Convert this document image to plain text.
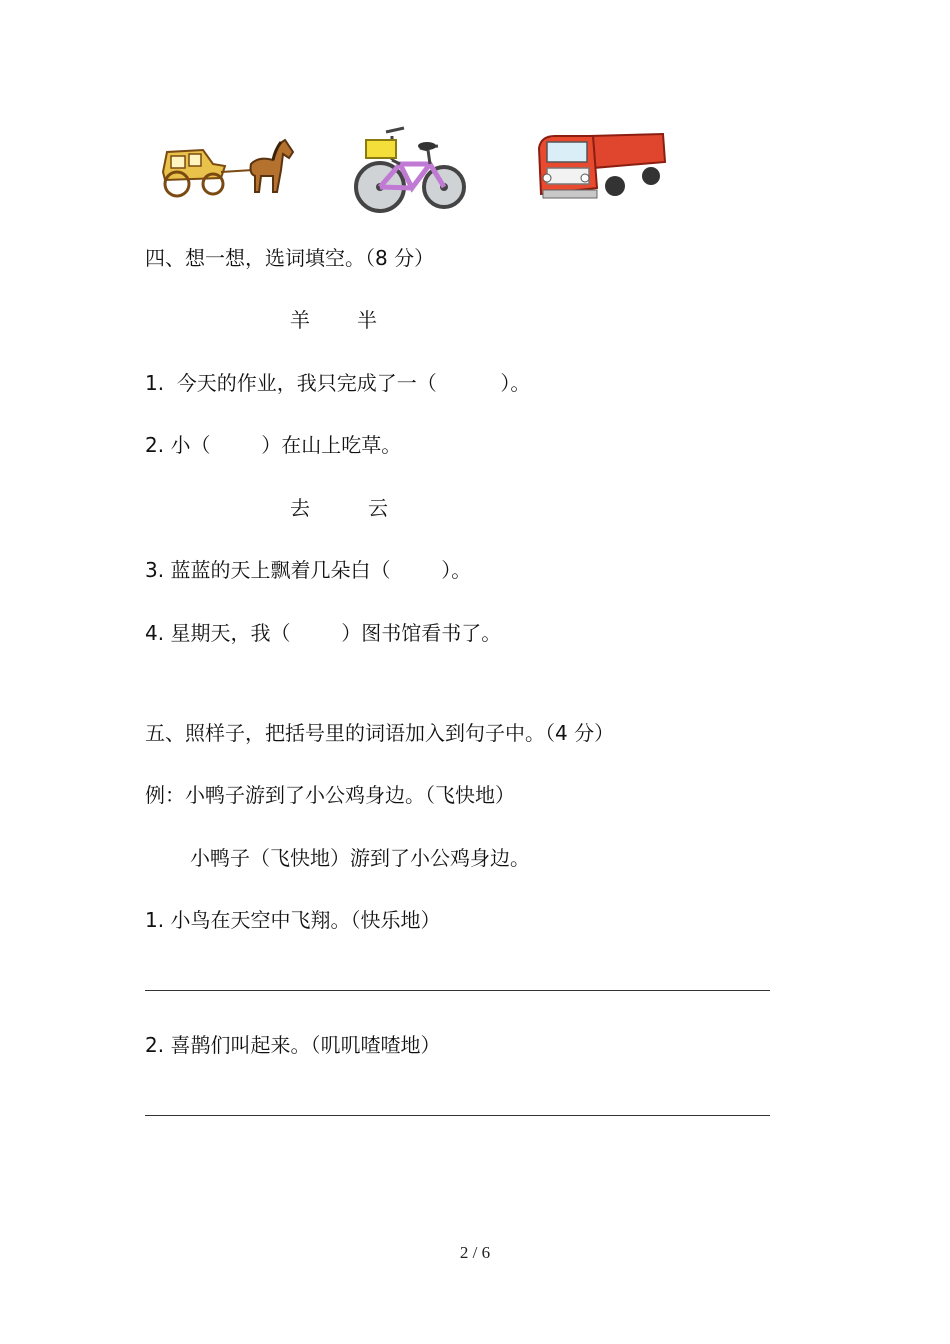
四、想一想，选词填空。（8 分）
羊 半
1.  今天的作业，我只完成了一（          ）。
2. 小（        ）在山上吃草。
去	云
3. 蓝蓝的天上飘着几朵白（        ）。
4. 星期天，我（        ）图书馆看书了。
五、照样子，把括号里的词语加入到句子中。（4 分）
例：小鸭子游到了小公鸡身边。（飞快地）
小鸭子（飞快地）游到了小公鸡身边。
1. 小鸟在天空中飞翔。（快乐地）
2. 喜鹊们叫起来。（叽叽喳喳地）
2 / 6
